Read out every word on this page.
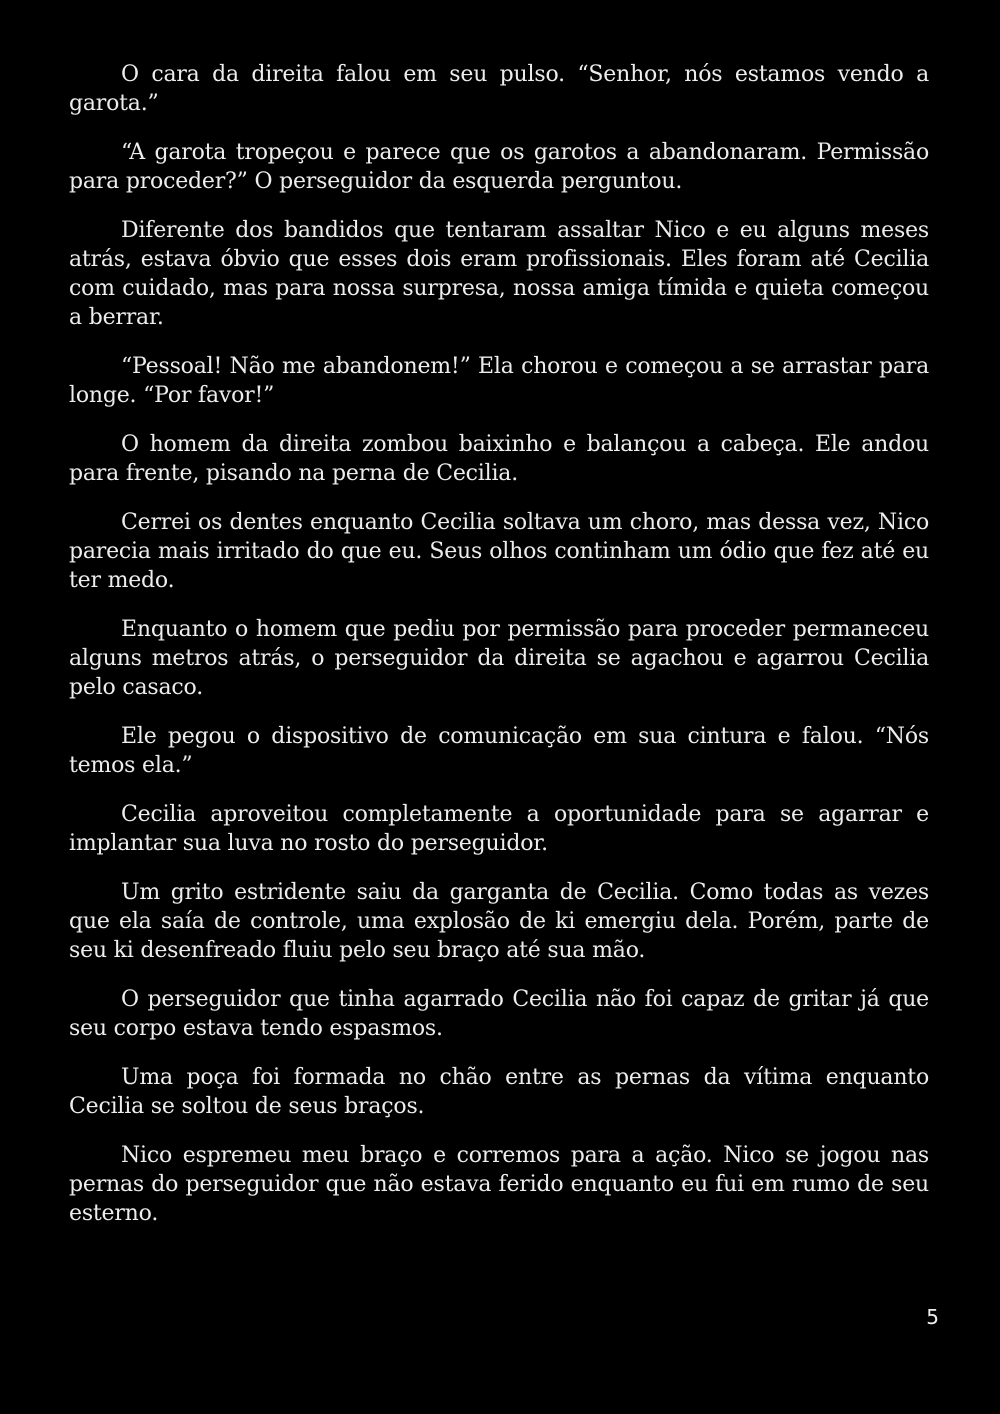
O cara da direita falou em seu pulso. “Senhor, nós estamos vendo a garota.”

“A garota tropeçou e parece que os garotos a abandonaram. Permissão para proceder?” O perseguidor da esquerda perguntou.

Diferente dos bandidos que tentaram assaltar Nico e eu alguns meses atrás, estava óbvio que esses dois eram profissionais. Eles foram até Cecilia com cuidado, mas para nossa surpresa, nossa amiga tímida e quieta começou a berrar.

“Pessoal! Não me abandonem!” Ela chorou e começou a se arrastar para longe. “Por favor!”

O homem da direita zombou baixinho e balançou a cabeça. Ele andou para frente, pisando na perna de Cecilia.

Cerrei os dentes enquanto Cecilia soltava um choro, mas dessa vez, Nico parecia mais irritado do que eu. Seus olhos continham um ódio que fez até eu ter medo.

Enquanto o homem que pediu por permissão para proceder permaneceu alguns metros atrás, o perseguidor da direita se agachou e agarrou Cecilia pelo casaco.

Ele pegou o dispositivo de comunicação em sua cintura e falou. “Nós temos ela.”

Cecilia aproveitou completamente a oportunidade para se agarrar e implantar sua luva no rosto do perseguidor.

Um grito estridente saiu da garganta de Cecilia. Como todas as vezes que ela saía de controle, uma explosão de ki emergiu dela. Porém, parte de seu ki desenfreado fluiu pelo seu braço até sua mão.

O perseguidor que tinha agarrado Cecilia não foi capaz de gritar já que seu corpo estava tendo espasmos.

Uma poça foi formada no chão entre as pernas da vítima enquanto Cecilia se soltou de seus braços.

Nico espremeu meu braço e corremos para a ação. Nico se jogou nas pernas do perseguidor que não estava ferido enquanto eu fui em rumo de seu esterno.

5
